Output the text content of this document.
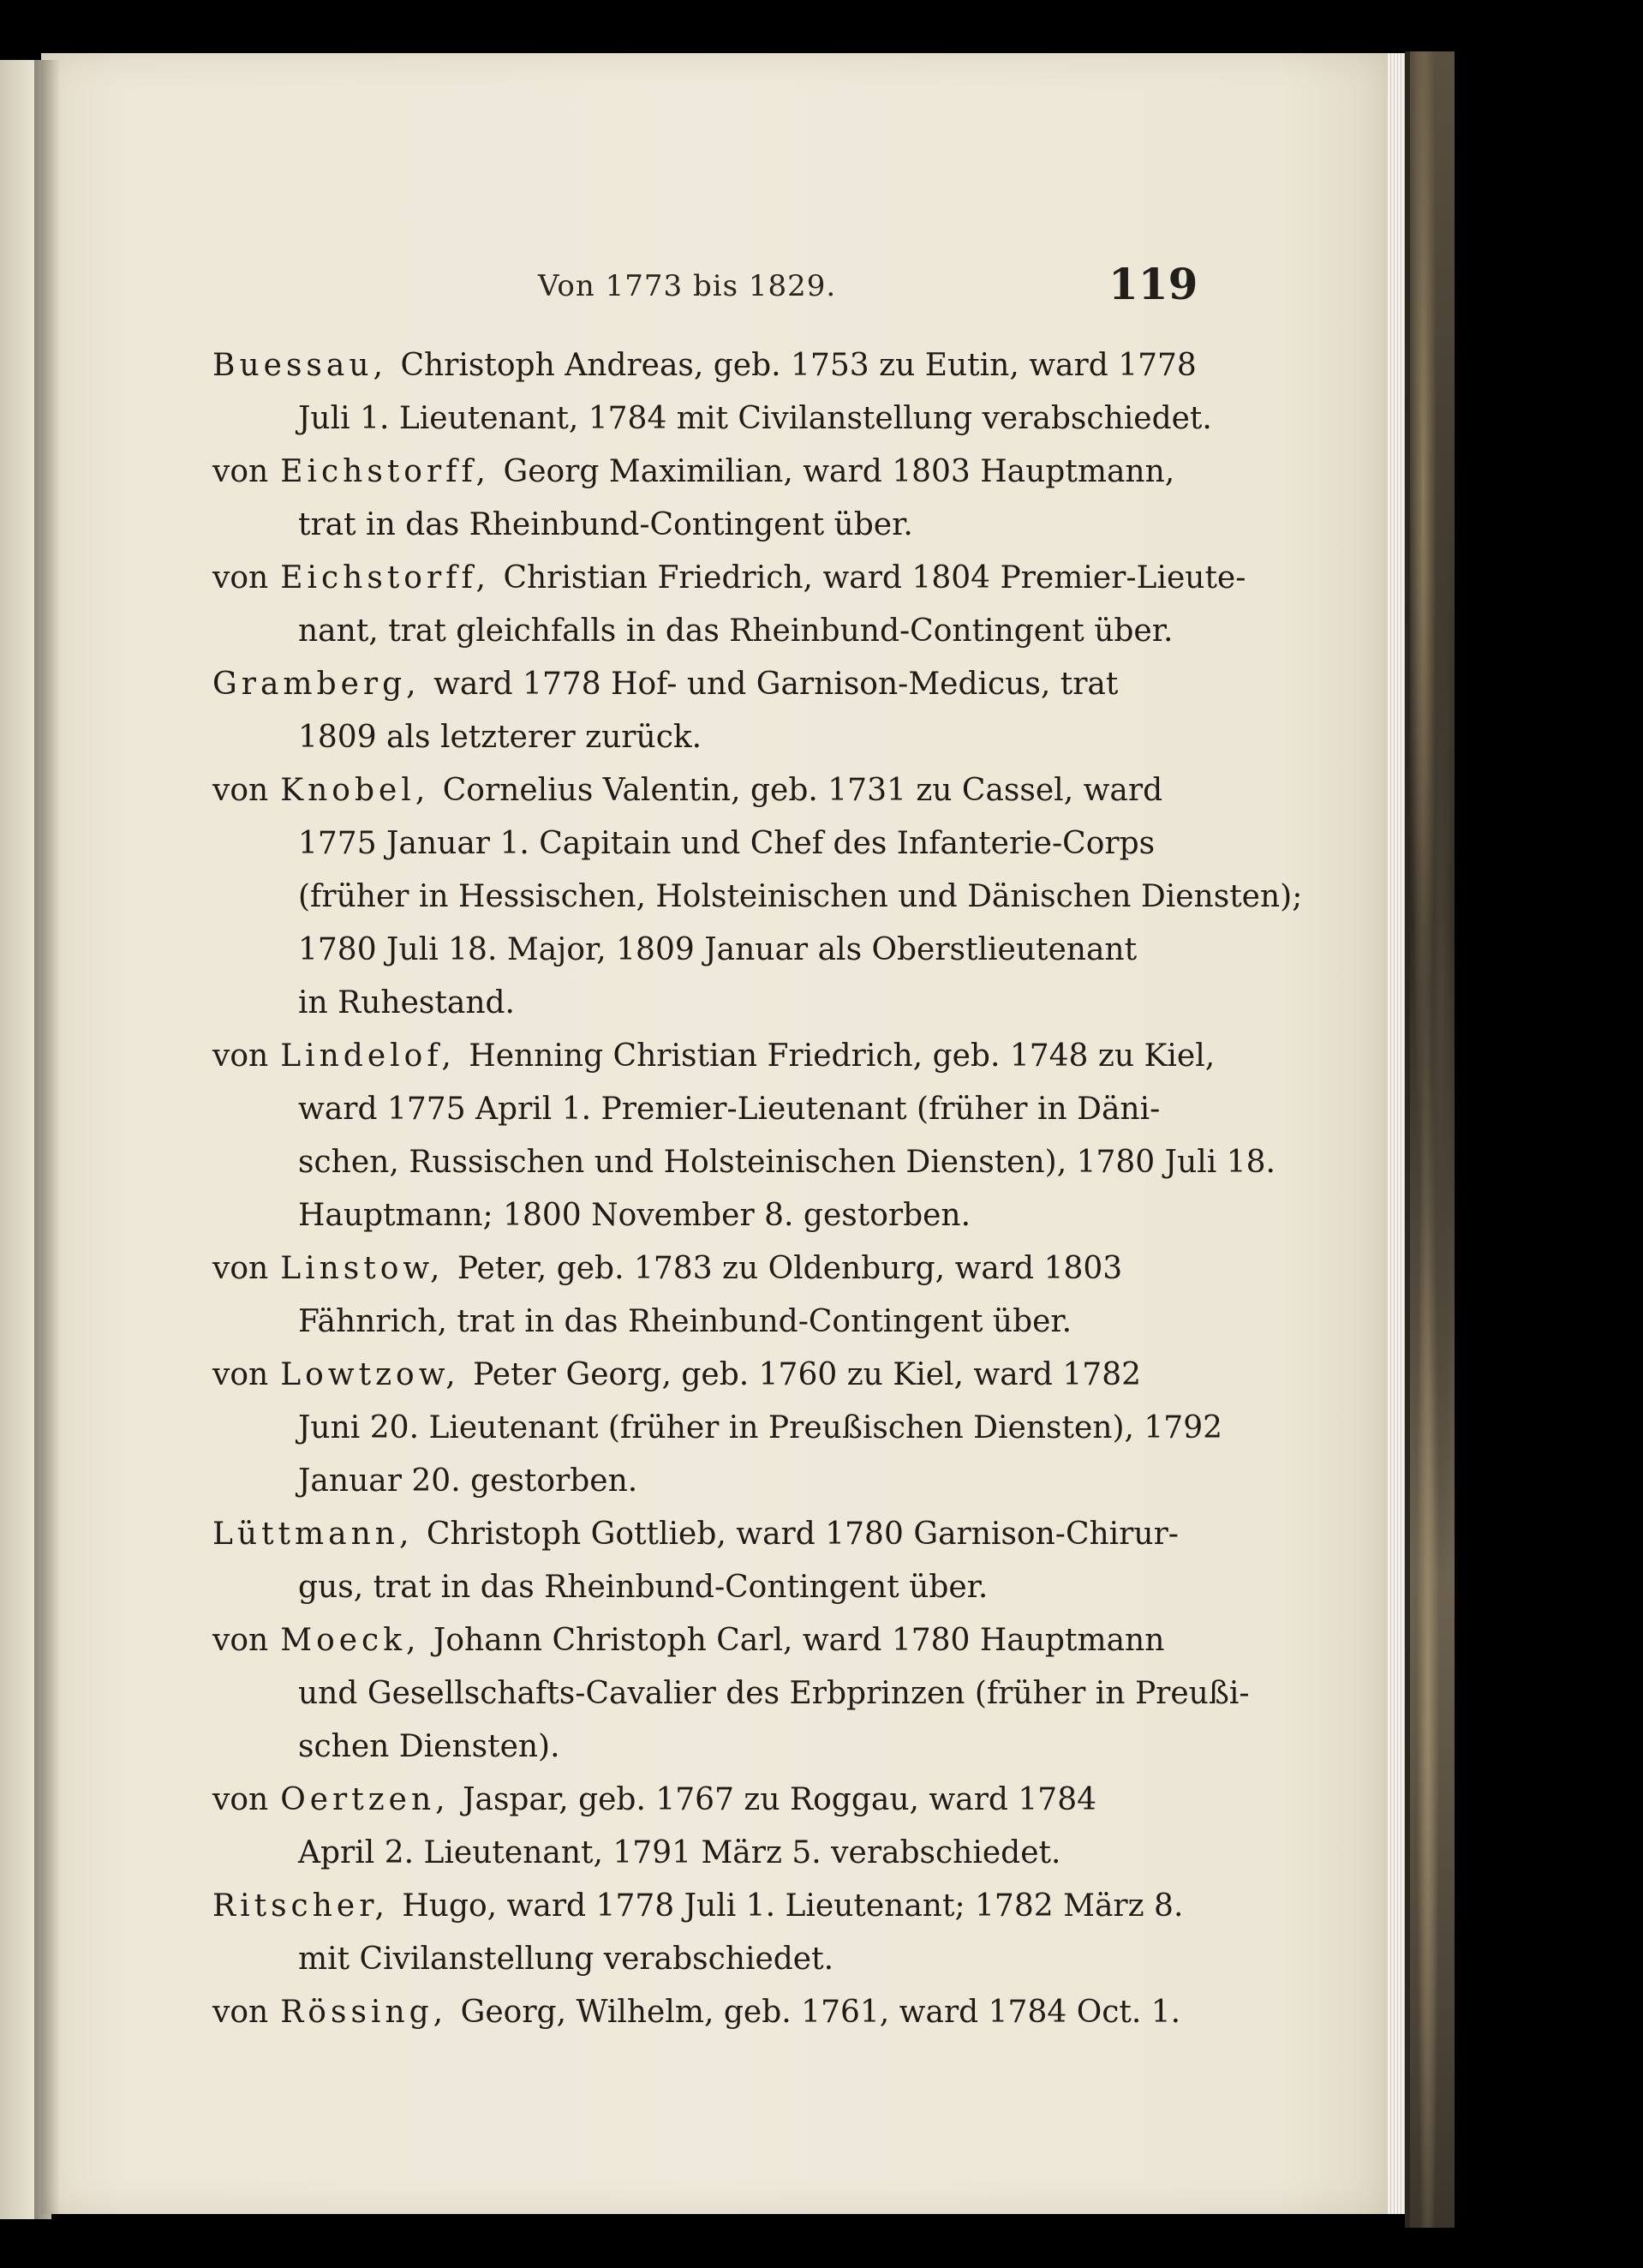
Von 1773 bis 1829.	119
Buessau, Christoph Andreas, geb. 1753 zu Eutin, ward 1778
Juli 1. Lieutenant, 1784 mit Civilanstellung verabschiedet.
von Eichstorff, Georg Maximilian, ward 1803 Hauptmann,
trat in das Rheinbund-Contingent über.
von Eichstorff, Christian Friedrich, ward 1804 Premier-Lieute-
nant, trat gleichfalls in das Rheinbund-Contingent über.
Gramberg, ward 1778 Hof- und Garnison-Medicus, trat
1809 als letzterer zurück.
von Knobel, Cornelius Valentin, geb. 1731 zu Cassel, ward
1775 Januar 1. Capitain und Chef des Infanterie-Corps
(früher in Hessischen, Holsteinischen und Dänischen Diensten);
1780 Juli 18. Major, 1809 Januar als Oberstlieutenant
in Ruhestand.
von Lindelof, Henning Christian Friedrich, geb. 1748 zu Kiel,
ward 1775 April 1. Premier-Lieutenant (früher in Däni-
schen, Russischen und Holsteinischen Diensten), 1780 Juli 18.
Hauptmann; 1800 November 8. gestorben.
von Linstow, Peter, geb. 1783 zu Oldenburg, ward 1803
Fähnrich, trat in das Rheinbund-Contingent über.
von Lowtzow, Peter Georg, geb. 1760 zu Kiel, ward 1782
Juni 20. Lieutenant (früher in Preußischen Diensten), 1792
Januar 20. gestorben.
Lüttmann, Christoph Gottlieb, ward 1780 Garnison-Chirur-
gus, trat in das Rheinbund-Contingent über.
von Moeck, Johann Christoph Carl, ward 1780 Hauptmann
und Gesellschafts-Cavalier des Erbprinzen (früher in Preußi-
schen Diensten).
von Oertzen, Jaspar, geb. 1767 zu Roggau, ward 1784
April 2. Lieutenant, 1791 März 5. verabschiedet.
Ritscher, Hugo, ward 1778 Juli 1. Lieutenant; 1782 März 8.
mit Civilanstellung verabschiedet.
von Rössing, Georg, Wilhelm, geb. 1761, ward 1784 Oct. 1.
